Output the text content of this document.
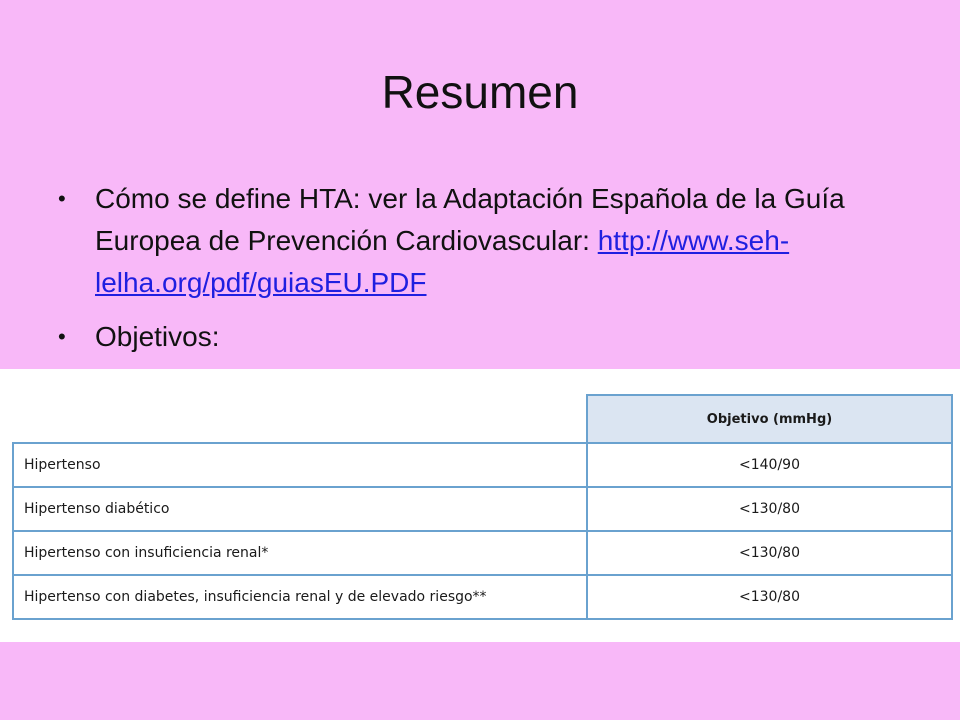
Resumen
• Cómo se define HTA: ver la Adaptación Española de la Guía Europea de Prevención Cardiovascular: http://www.seh-lelha.org/pdf/guiasEU.PDF
• Objetivos:
	Objetivo (mmHg)
Hipertenso	<140/90
Hipertenso diabético	<130/80
Hipertenso con insuficiencia renal*	<130/80
Hipertenso con diabetes, insuficiencia renal y de elevado riesgo**	<130/80
